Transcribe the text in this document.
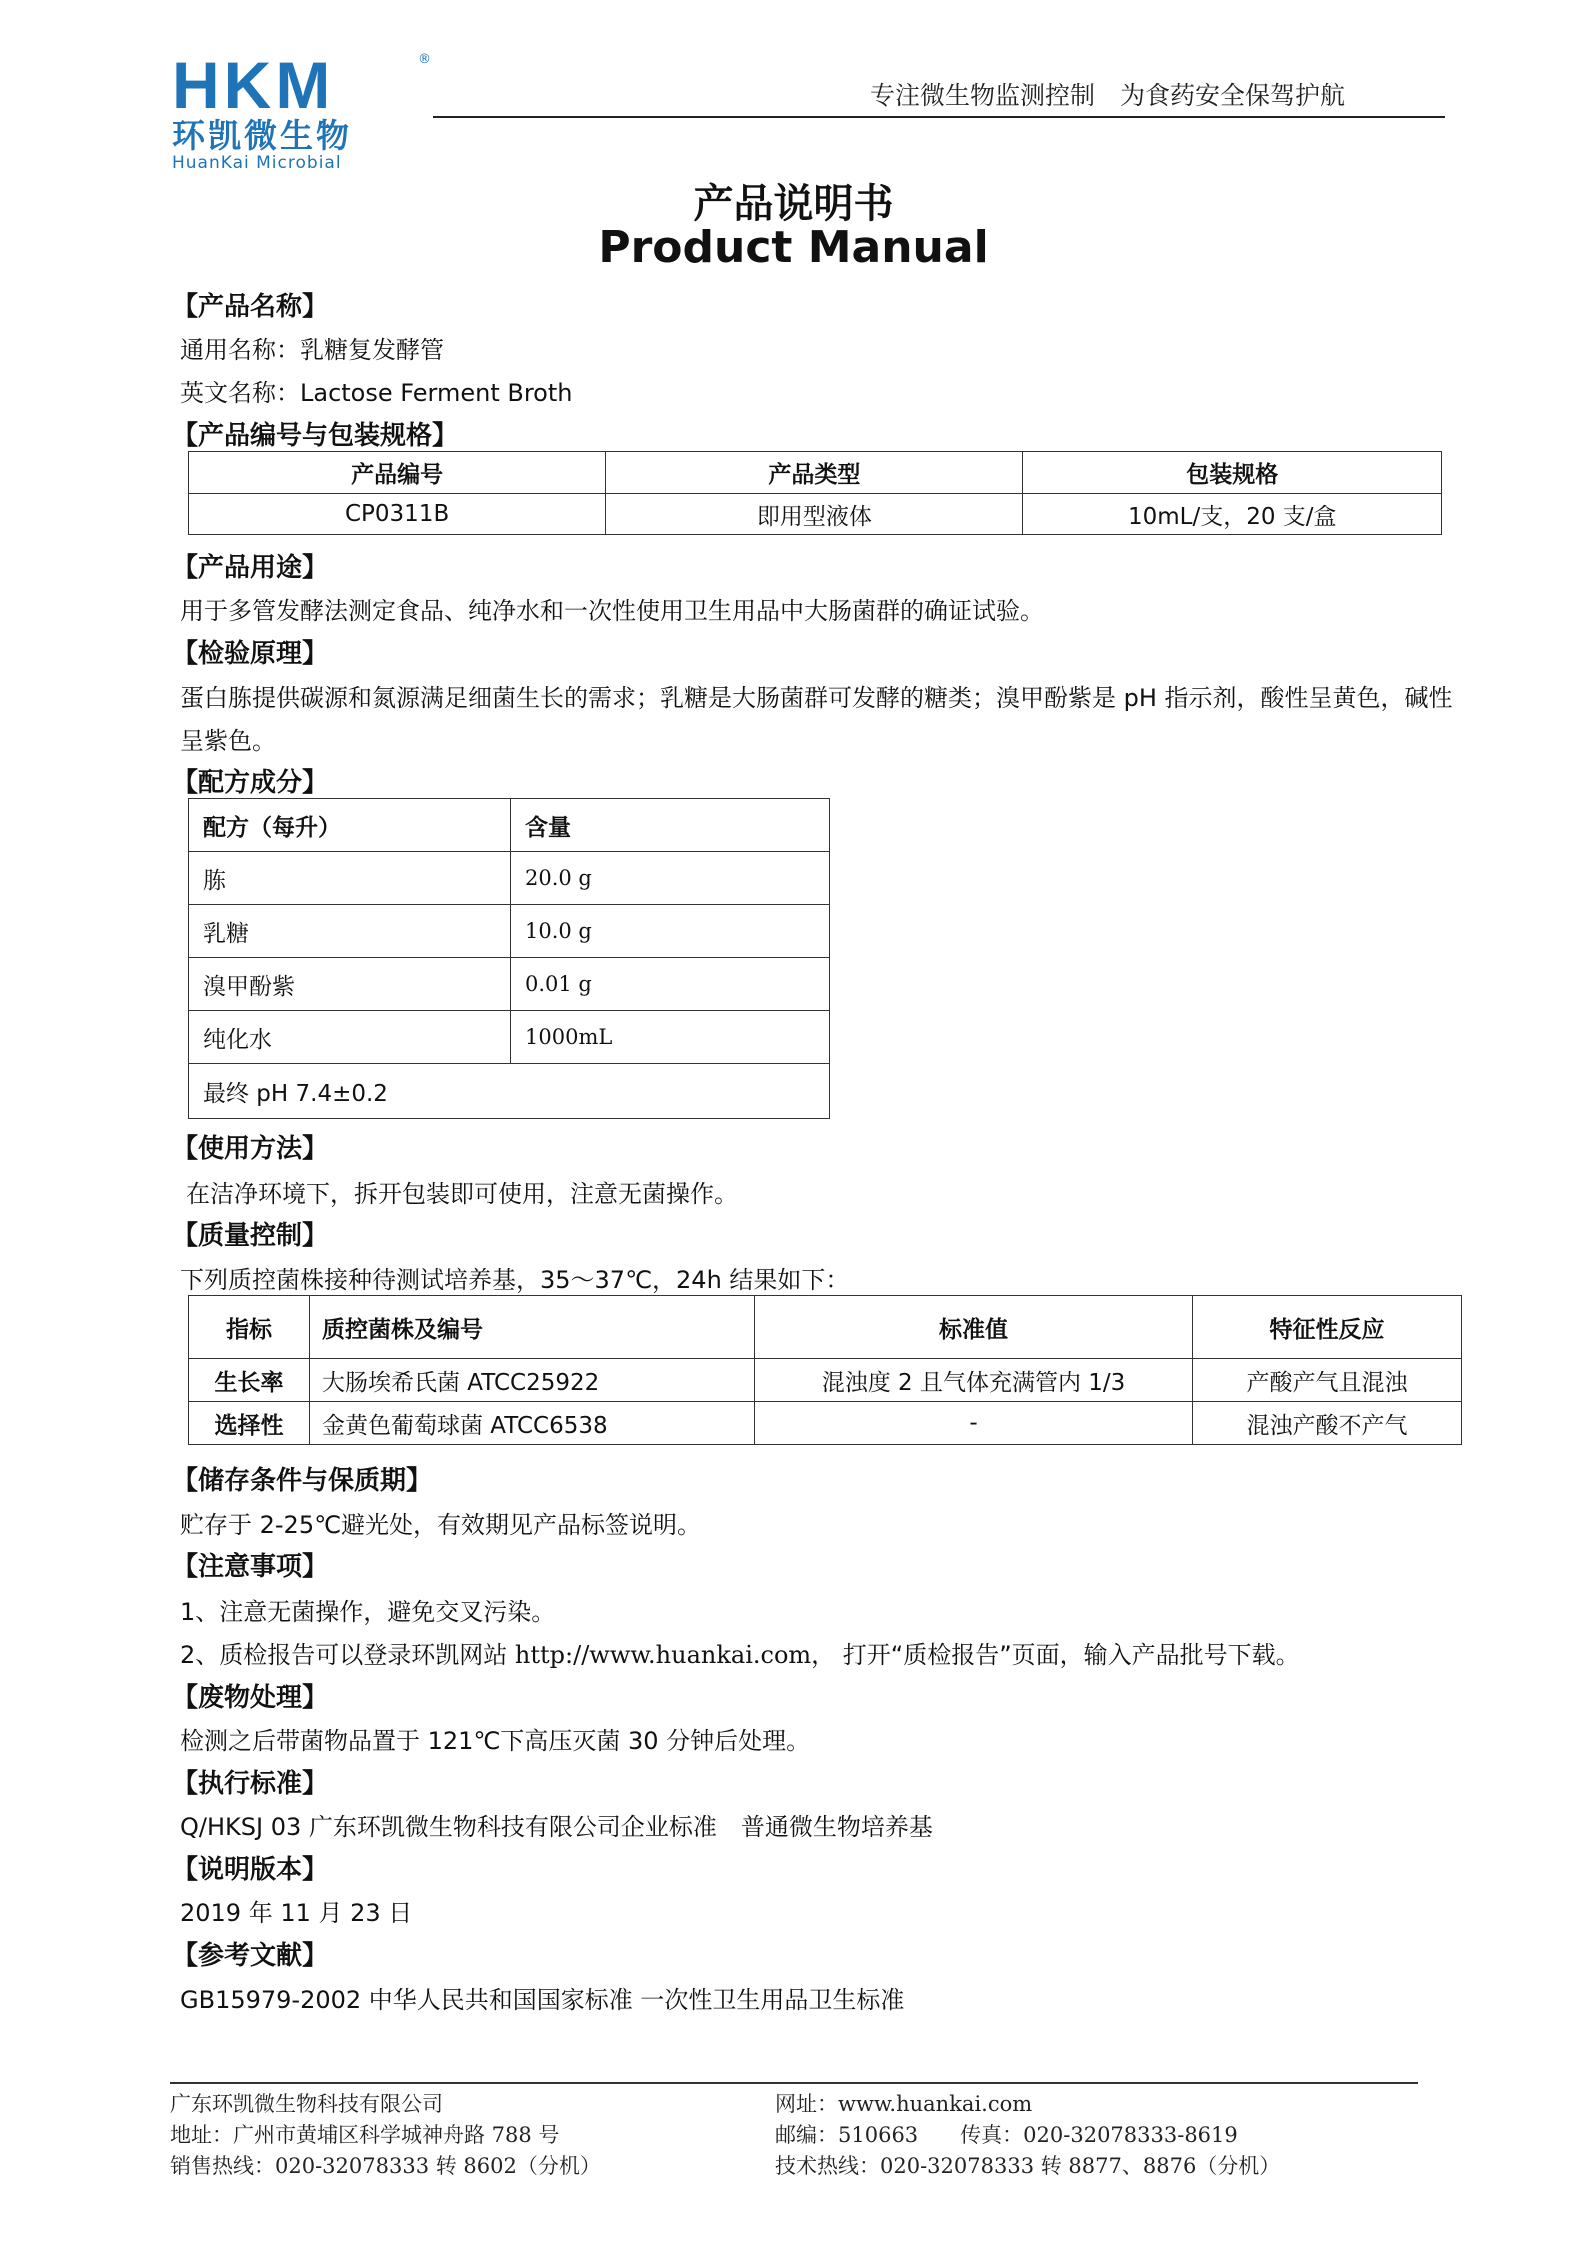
HKM	®
环凯微生物
HuanKai Microbial
专注微生物监测控制　为食药安全保驾护航
产品说明书
Product Manual
【产品名称】
通用名称：乳糖复发酵管
英文名称：Lactose Ferment Broth
【产品编号与包装规格】
产品编号	产品类型	包装规格
CP0311B	即用型液体	10mL/支，20 支/盒
【产品用途】
用于多管发酵法测定食品、纯净水和一次性使用卫生用品中大肠菌群的确证试验。
【检验原理】
蛋白胨提供碳源和氮源满足细菌生长的需求；乳糖是大肠菌群可发酵的糖类；溴甲酚紫是 pH 指示剂，酸性呈黄色，碱性
呈紫色。
【配方成分】
配方（每升）	含量
胨	20.0 g
乳糖	10.0 g
溴甲酚紫	0.01 g
纯化水	1000mL
最终 pH 7.4±0.2	
【使用方法】
在洁净环境下，拆开包装即可使用，注意无菌操作。
【质量控制】
下列质控菌株接种待测试培养基，35～37℃，24h 结果如下：
指标	质控菌株及编号	标准值	特征性反应
生长率	大肠埃希氏菌 ATCC25922	混浊度 2 且气体充满管内 1/3	产酸产气且混浊
选择性	金黄色葡萄球菌 ATCC6538	-	混浊产酸不产气
【储存条件与保质期】
贮存于 2-25℃避光处，有效期见产品标签说明。
【注意事项】
1、注意无菌操作，避免交叉污染。
2、质检报告可以登录环凯网站 http://www.huankai.com， 打开“质检报告”页面，输入产品批号下载。
【废物处理】
检测之后带菌物品置于 121℃下高压灭菌 30 分钟后处理。
【执行标准】
Q/HKSJ 03 广东环凯微生物科技有限公司企业标准　普通微生物培养基
【说明版本】
2019 年 11 月 23 日
【参考文献】
GB15979-2002 中华人民共和国国家标准 一次性卫生用品卫生标准
广东环凯微生物科技有限公司
地址：广州市黄埔区科学城神舟路 788 号
销售热线：020-32078333 转 8602（分机）
网址：www.huankai.com
邮编：510663　　传真：020-32078333-8619
技术热线：020-32078333 转 8877、8876（分机）
